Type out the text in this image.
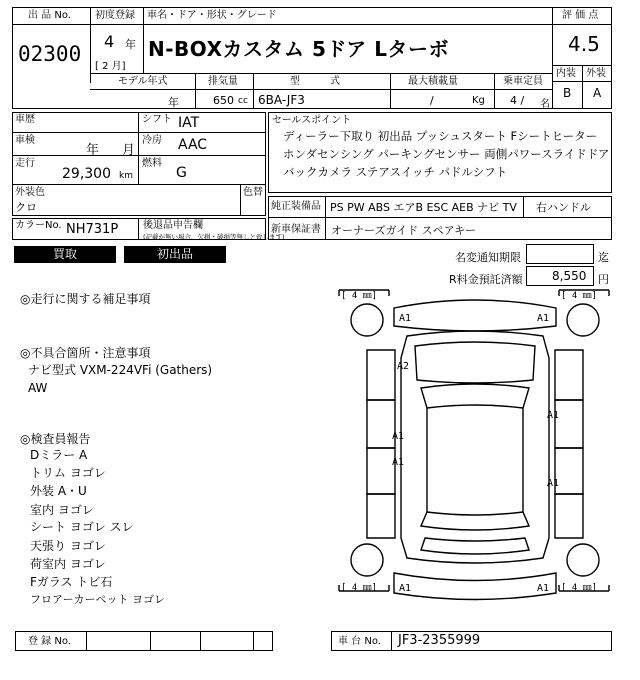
出 品 No.
02300
初度登録
4 年
[ 2 月]
車名・ドア・形状・グレード
N-BOXカスタム 5ドア Lターボ
評 価 点
4.5
内装 外装
B A
モデル年式
年
排気量
650 cc
型　　　式
6BA-JF3
最大積載量
/	Kg
乗車定員
4 / 名
車歴	シフト IAT
車検
年 月
冷房 AAC
走行
29,300 km
燃料
G
外装色
クロ
色替
カラーNo. NH731P 後退品申告欄
(記載が無い場合、欠損・破損等無しと致します)
セールスポイント
ディーラー下取り 初出品 プッシュスタート Fシートヒーター
ホンダセンシング パーキングセンサー 両側パワースライドドア
バックカメラ ステアスイッチ パドルシフト
純正装備品 PS PW ABS エアB ESC AEB ナビ TV 右ハンドル
新車保証書 オーナーズガイド スペアキー
買取	初出品	名変通知期限	迄
R料金預託済額 8,550 円
◎走行に関する補足事項
◎不具合箇所・注意事項
ナビ型式 VXM-224VFi (Gathers)
AW
◎検査員報告
Dミラー A
トリム ヨゴレ
外装 A・U
室内 ヨゴレ
シート ヨゴレ スレ
天張り ヨゴレ
荷室内 ヨゴレ
Fガラス トビ石
フロアーカーペット ヨゴレ
[ 4 ㎜]	[ 4 ㎜]
[ 4 ㎜]	[ 4 ㎜]
A1	A1
A2
A1
A1
A1
A1
A1	A1
登 録 No.	車 台 No. JF3-2355999
